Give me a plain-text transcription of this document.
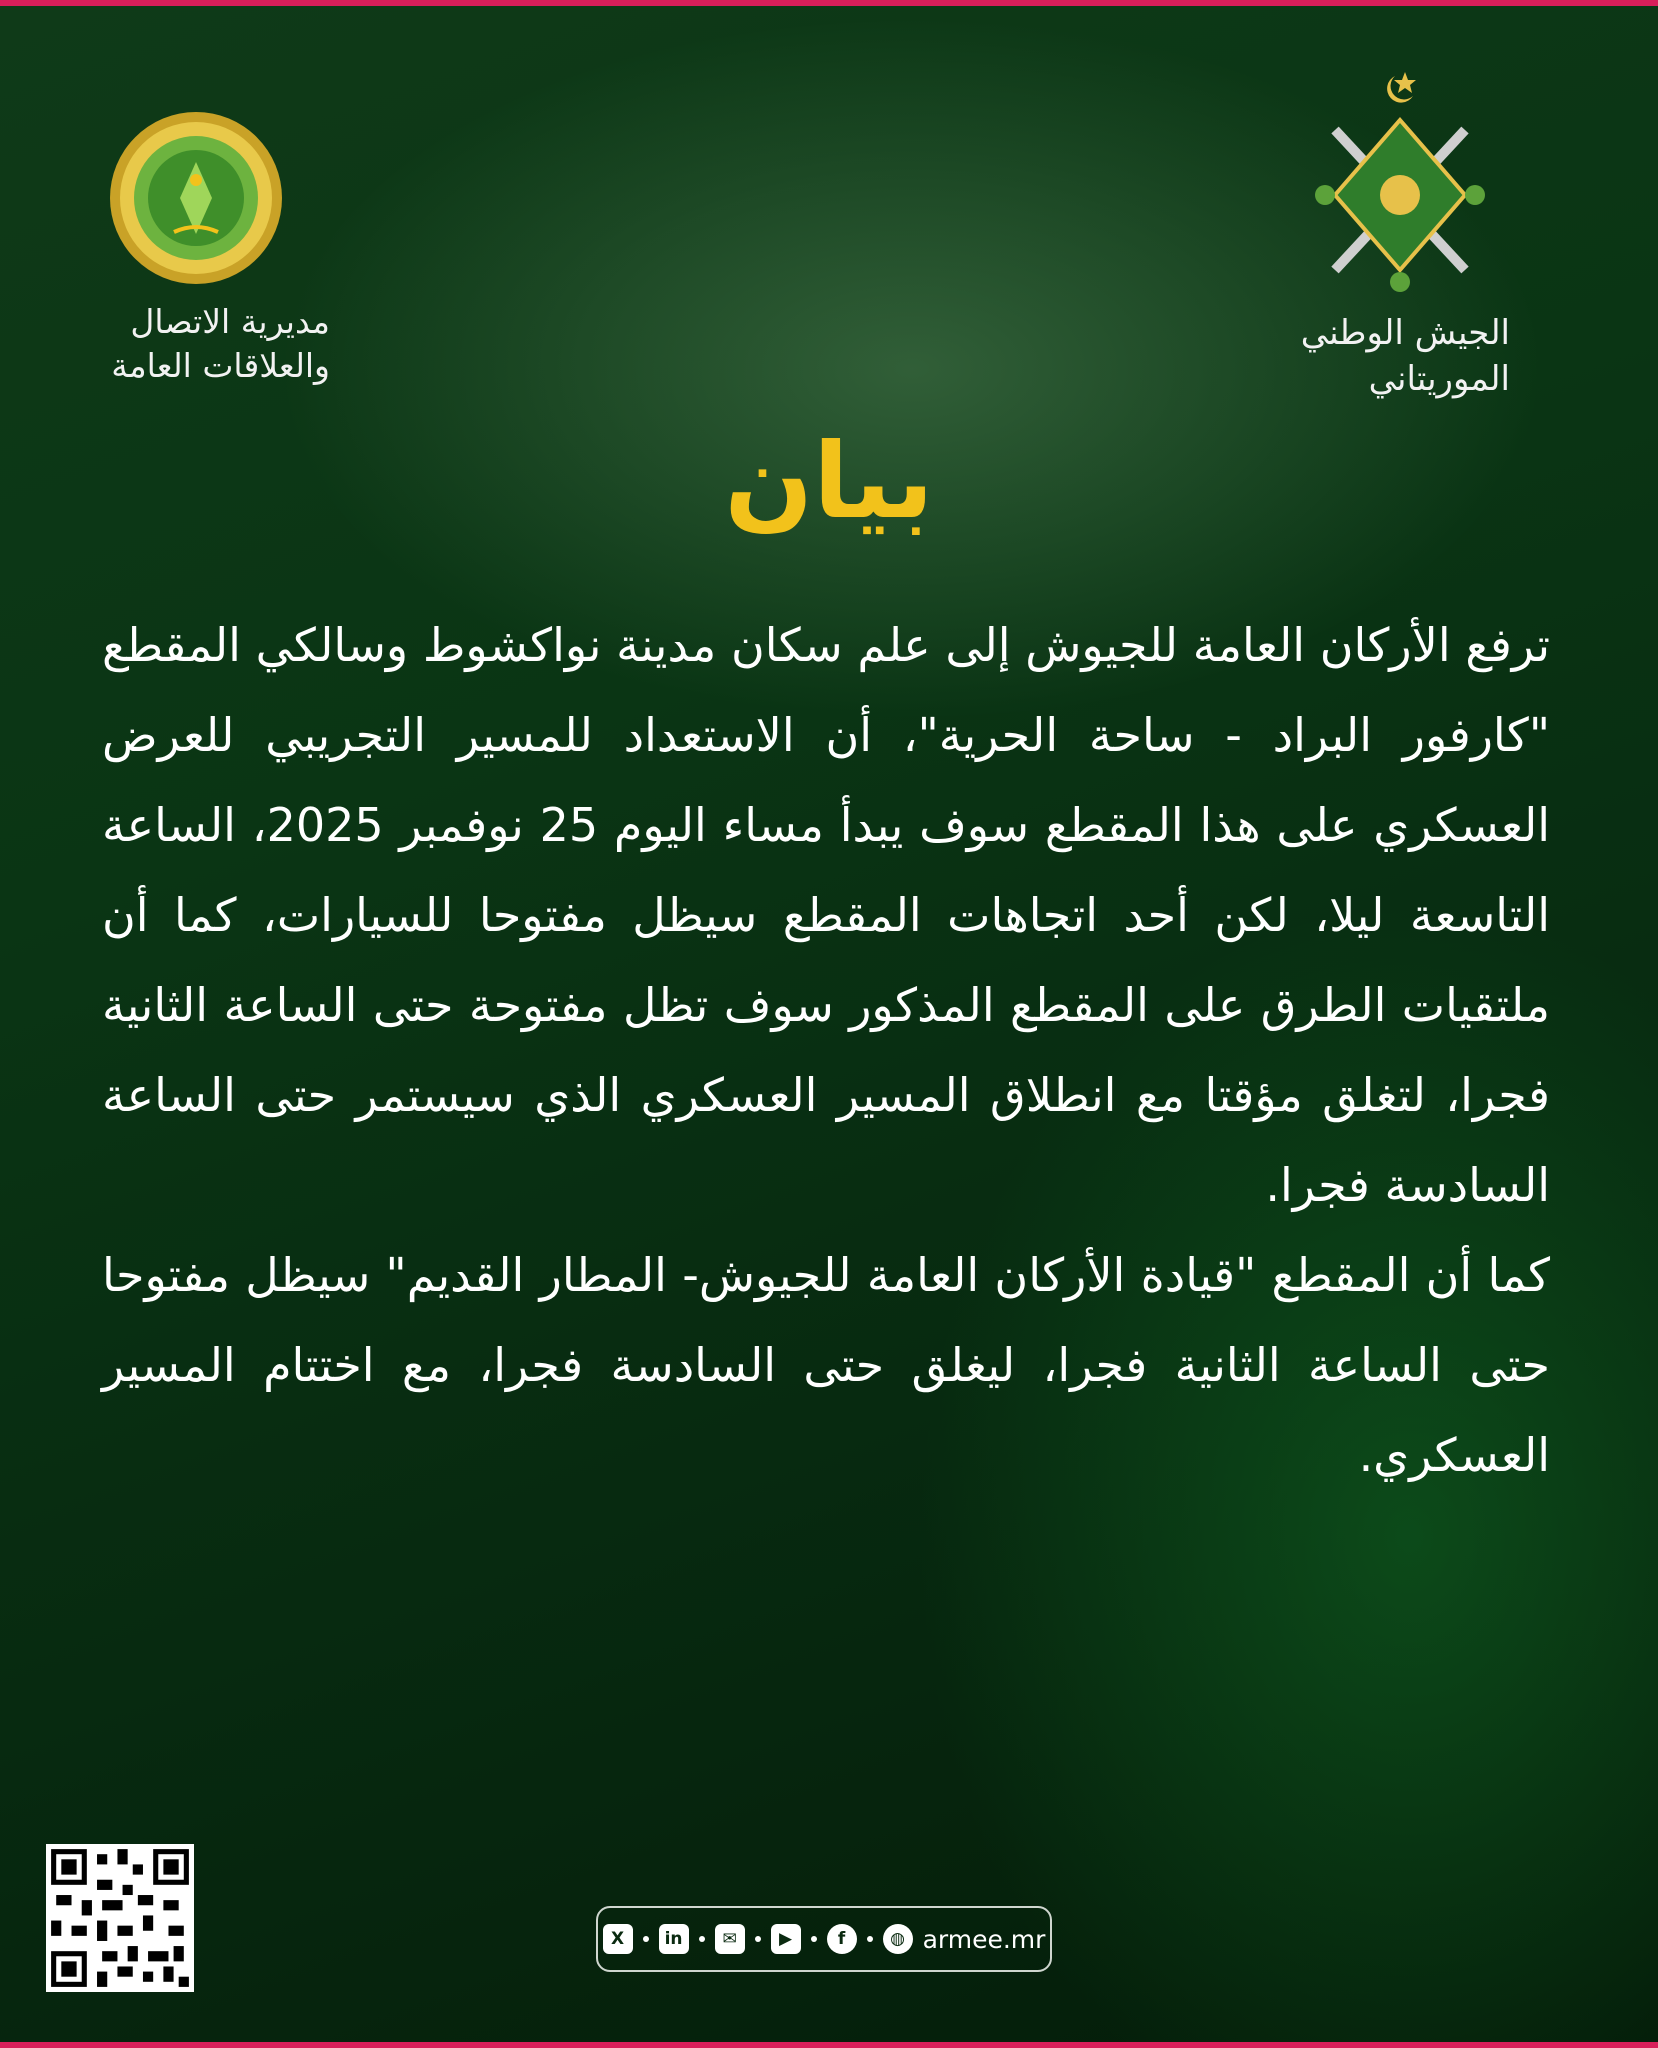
مديرية الاتصال
والعلاقات العامة
الجيش الوطني
الموريتاني
بيان

ترفع الأركان العامة للجيوش إلى علم سكان مدينة نواكشوط وسالكي المقطع "كارفور البراد - ساحة الحرية"، أن الاستعداد للمسير التجريبي للعرض العسكري على هذا المقطع سوف يبدأ مساء اليوم 25 نوفمبر 2025، الساعة التاسعة ليلا، لكن أحد اتجاهات المقطع سيظل مفتوحا للسيارات، كما أن ملتقيات الطرق على المقطع المذكور سوف تظل مفتوحة حتى الساعة الثانية فجرا، لتغلق مؤقتا مع انطلاق المسير العسكري الذي سيستمر حتى الساعة السادسة فجرا.

كما أن المقطع "قيادة الأركان العامة للجيوش- المطار القديم" سيظل مفتوحا حتى الساعة الثانية فجرا، ليغلق حتى السادسة فجرا، مع اختتام المسير العسكري.

X	in	✉	▶	f	◍ armee.mr
